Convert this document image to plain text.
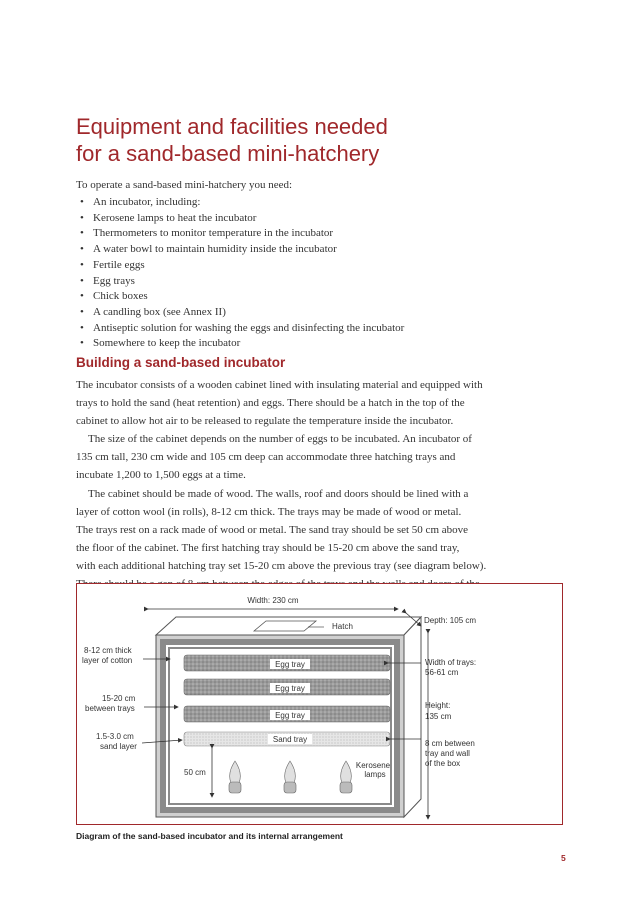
Equipment and facilities needed
for a sand-based mini-hatchery
To operate a sand-based mini-hatchery you need:
• An incubator, including:
• Kerosene lamps to heat the incubator
• Thermometers to monitor temperature in the incubator
• A water bowl to maintain humidity inside the incubator
• Fertile eggs
• Egg trays
• Chick boxes
• A candling box (see Annex II)
• Antiseptic solution for washing the eggs and disinfecting the incubator
• Somewhere to keep the incubator
Building a sand-based incubator
The incubator consists of a wooden cabinet lined with insulating material and equipped with
trays to hold the sand (heat retention) and eggs. There should be a hatch in the top of the
cabinet to allow hot air to be released to regulate the temperature inside the incubator.
The size of the cabinet depends on the number of eggs to be incubated. An incubator of
135 cm tall, 230 cm wide and 105 cm deep can accommodate three hatching trays and
incubate 1,200 to 1,500 eggs at a time.
The cabinet should be made of wood. The walls, roof and doors should be lined with a
layer of cotton wool (in rolls), 8-12 cm thick. The trays may be made of wood or metal.
The trays rest on a rack made of wood or metal. The sand tray should be set 50 cm above
the floor of the cabinet. The first hatching tray should be 15-20 cm above the sand tray,
with each additional hatching tray set 15-20 cm above the previous tray (see diagram below).
Width: 230 cm
Hatch
Depth: 105 cm
Height:
135 cm
Egg tray
Egg tray
Egg tray
Sand tray
50 cm
Kerosene
lamps
8-12 cm thick
layer of cotton
15-20 cm
between trays
1.5-3.0 cm
sand layer
Width of trays:
56-61 cm
8 cm between
tray and wall
of the box
Diagram of the sand-based incubator and its internal arrangement
5
